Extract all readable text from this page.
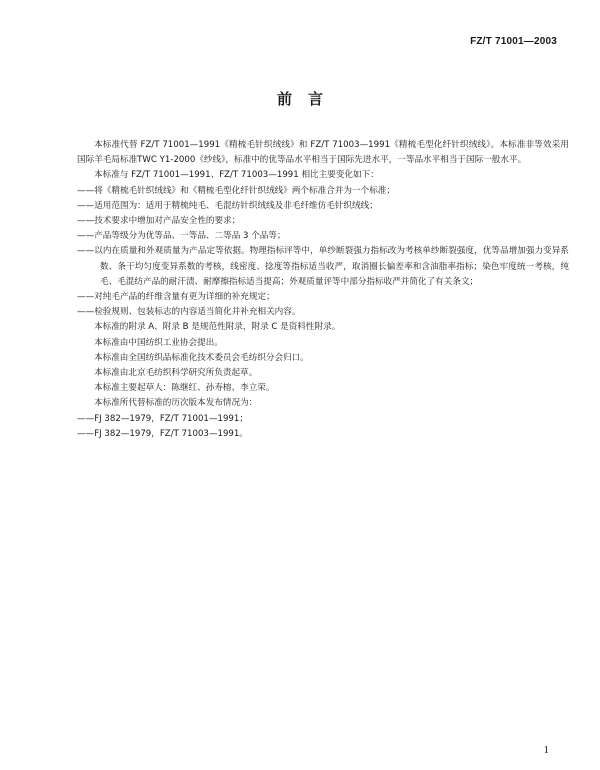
FZ/T 71001—2003
前言
本标准代替 FZ/T 71001—1991《精梳毛针织绒线》和 FZ/T 71003—1991《精梳毛型化纤针织绒线》。本标准非等效采用国际羊毛局标准TWC Y1-2000《纱线》，标准中的优等品水平相当于国际先进水平，一等品水平相当于国际一般水平。
本标准与 FZ/T 71001—1991、FZ/T 71003—1991 相比主要变化如下：
——将《精梳毛针织绒线》和《精梳毛型化纤针织绒线》两个标准合并为一个标准；
——适用范围为：适用于精梳纯毛、毛混纺针织绒线及非毛纤维仿毛针织绒线；
——技术要求中增加对产品安全性的要求；
——产品等级分为优等品、一等品、二等品 3 个品等；
——以内在质量和外观质量为产品定等依据。物理指标评等中，单纱断裂强力指标改为考核单纱断裂强度，优等品增加强力变异系数、条干均匀度变异系数的考核，线密度、捻度等指标适当收严，取消圈长偏差率和含油脂率指标；染色牢度统一考核，纯毛、毛混纺产品的耐汗渍、耐摩擦指标适当提高；外观质量评等中部分指标收严并简化了有关条文；
——对纯毛产品的纤维含量有更为详细的补充规定；
——检验规则、包装标志的内容适当简化并补充相关内容。
本标准的附录 A、附录 B 是规范性附录，附录 C 是资料性附录。
本标准由中国纺织工业协会提出。
本标准由全国纺织品标准化技术委员会毛纺织分会归口。
本标准由北京毛纺织科学研究所负责起草。
本标准主要起草人：陈继红、孙寿榕、李立荣。
本标准所代替标准的历次版本发布情况为：
——FJ 382—1979，FZ/T 71001—1991；
——FJ 382—1979，FZ/T 71003—1991。
1
